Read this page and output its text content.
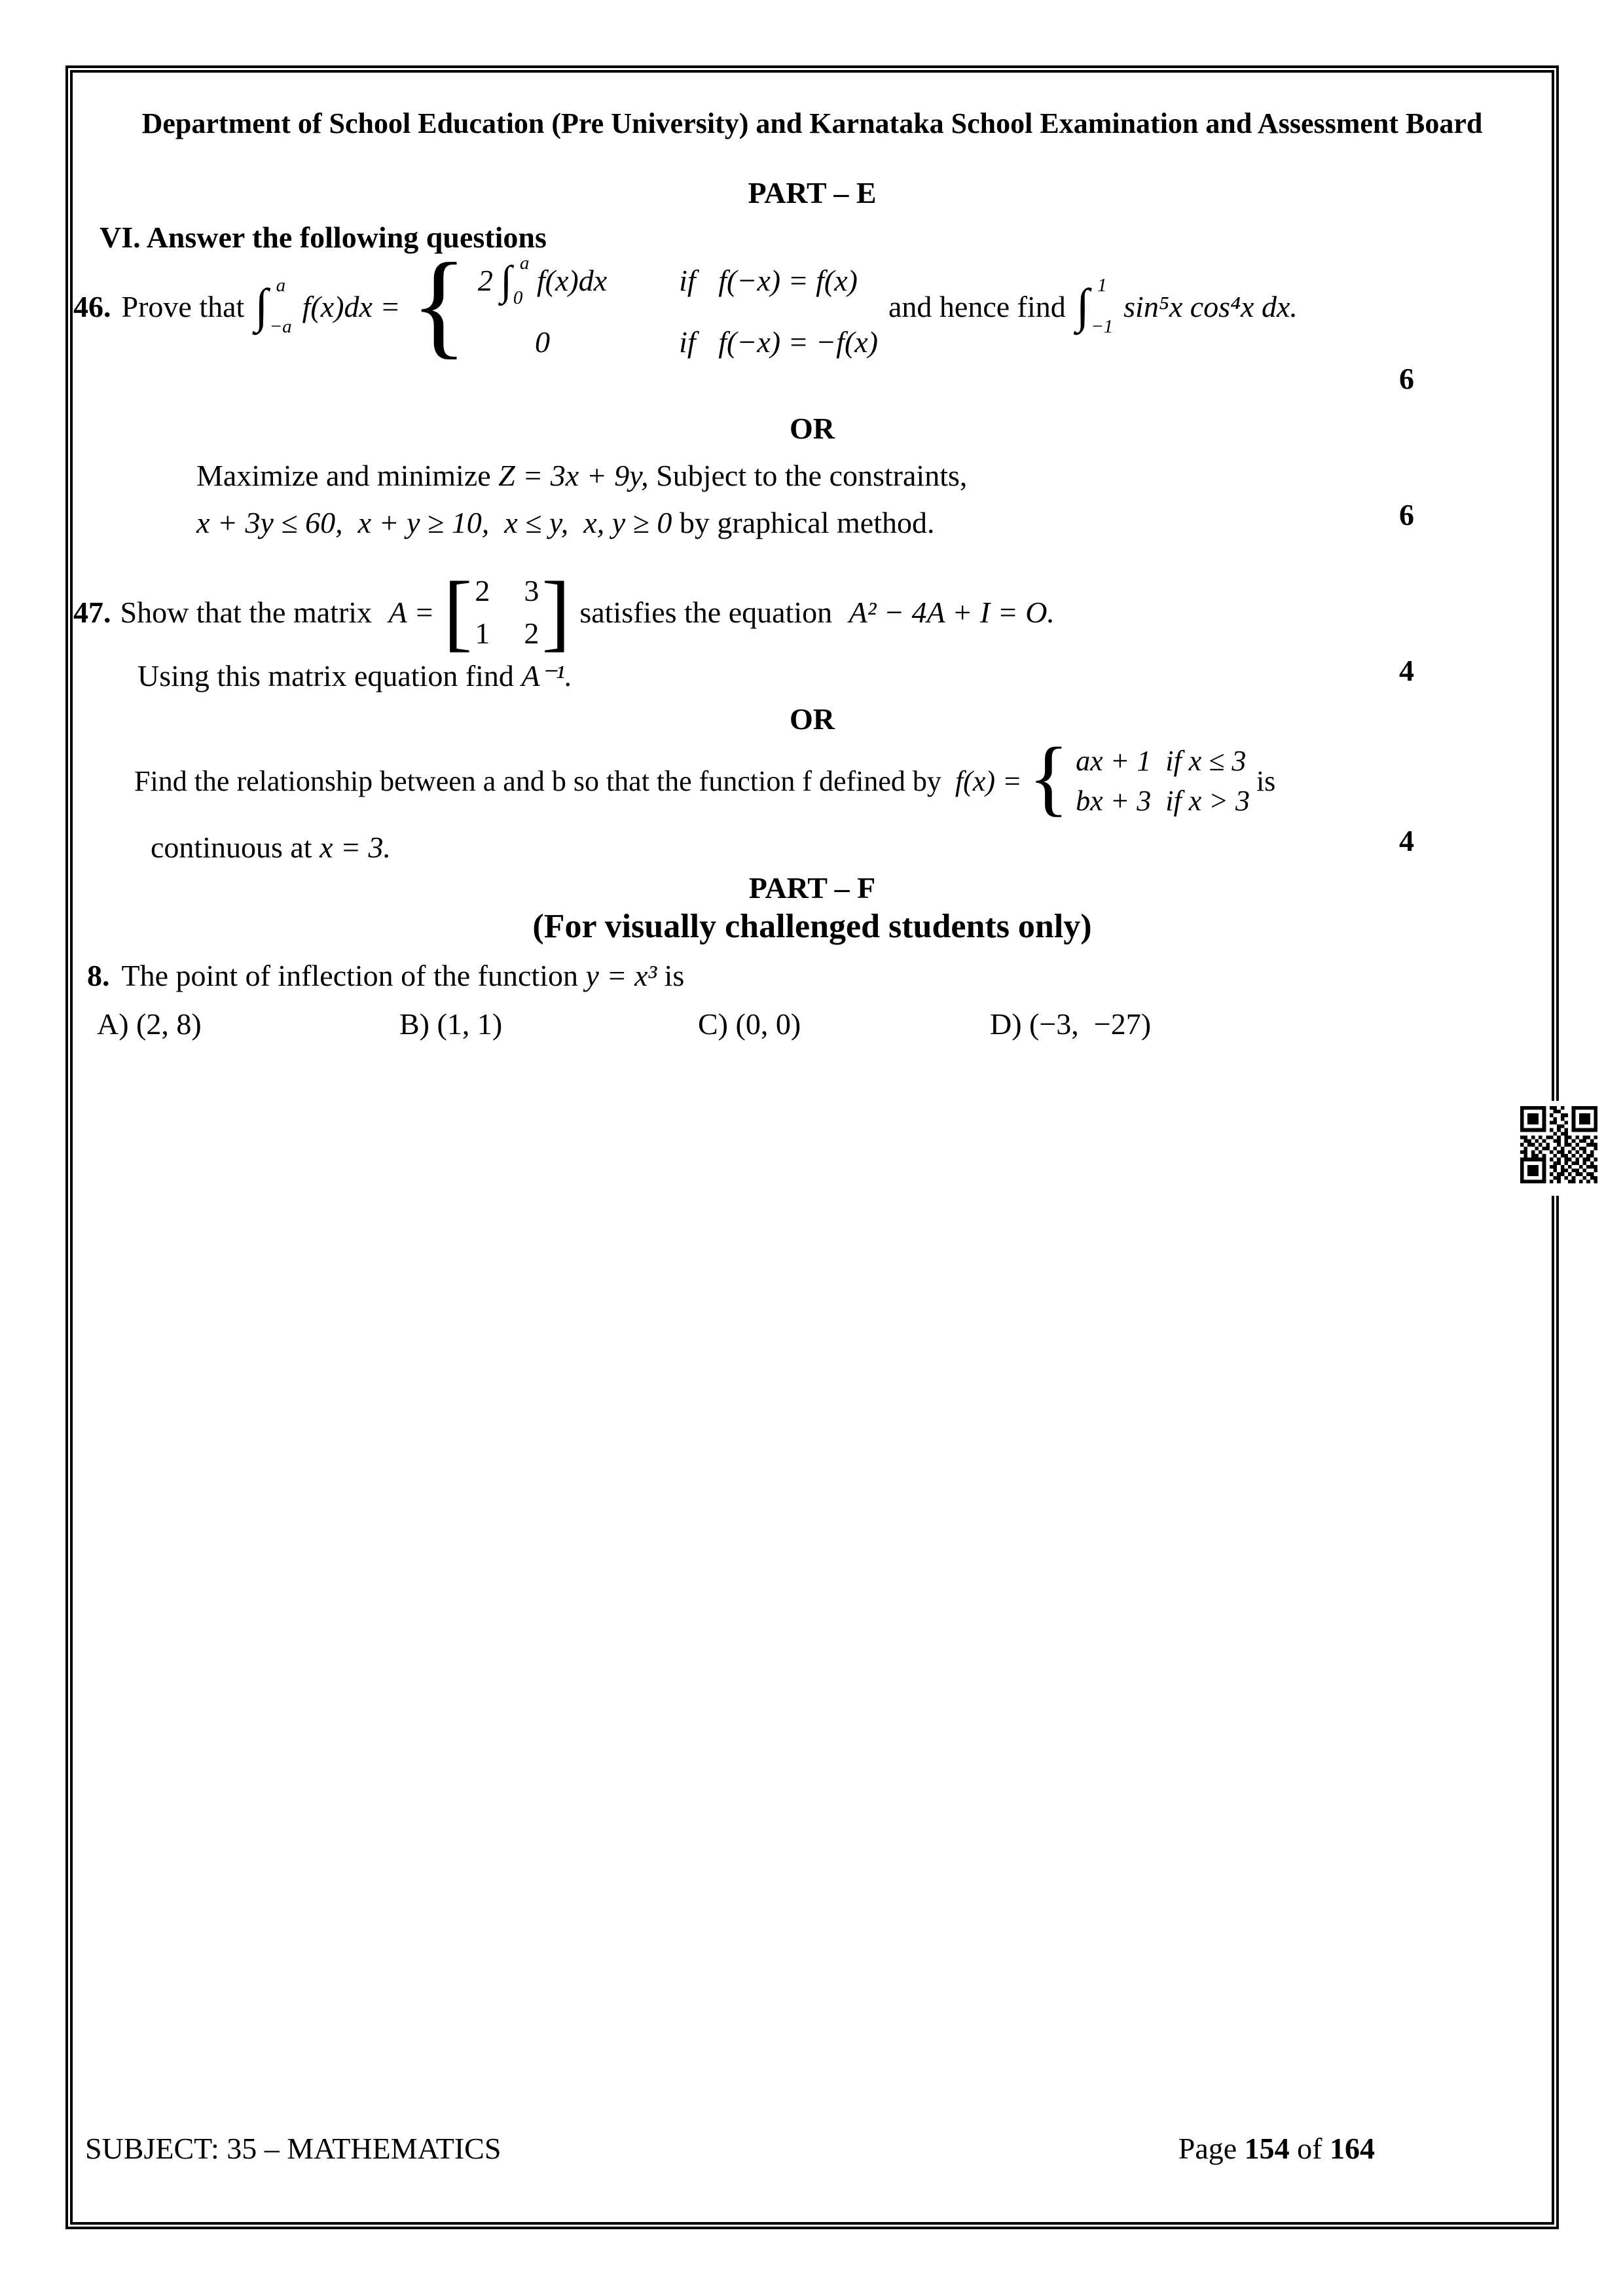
Department of School Education (Pre University) and Karnataka School Examination and Assessment Board
PART – E
VI. Answer the following questions
46. Prove that ∫ a
−a
f(x)dx = { 2 ∫ a
0
f(x)dx if   f(−x) = f(x)
0	if   f(−x) = −f(x)
and hence find ∫ 1
−1
sin⁵x cos⁴x dx.
6
OR
Maximize and minimize Z = 3x + 9y, Subject to the constraints,
x + 3y ≤ 60,  x + y ≥ 10,  x ≤ y,  x, y ≥ 0 by graphical method.	6
47. Show that the matrix A = [ 2 3
1 2 ] satisfies the equation A² − 4A + I = O.
Using this matrix equation find A⁻¹.	4
OR
Find the relationship between a and b so that the function f defined by f(x) = { ax + 1  if x ≤ 3
bx + 3  if x > 3
is
continuous at x = 3.	4
PART – F
(For visually challenged students only)
8. The point of inflection of the function y = x³ is
A) (2, 8)	B) (1, 1)	C) (0, 0)	D) (−3,  −27)
SUBJECT: 35 – MATHEMATICS	Page 154 of 164
